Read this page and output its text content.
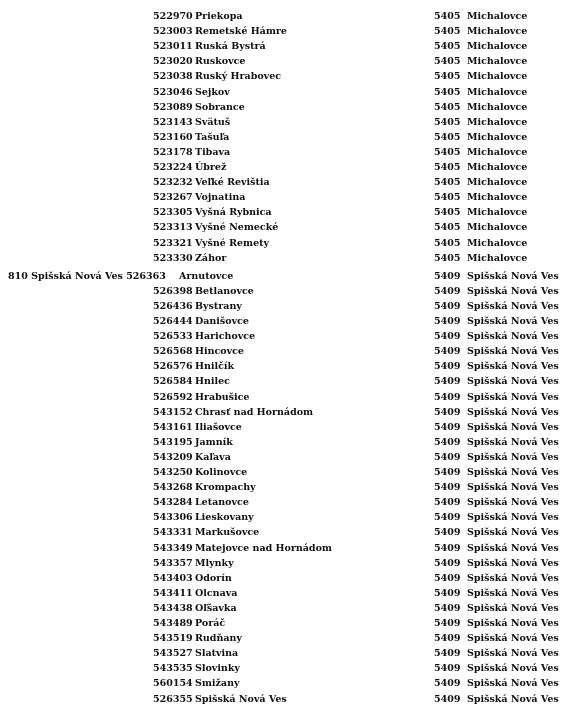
522970 Priekopa	5405 Michalovce
523003 Remetské Hámre	5405 Michalovce
523011 Ruská Bystrá	5405 Michalovce
523020 Ruskovce	5405 Michalovce
523038 Ruský Hrabovec	5405 Michalovce
523046 Sejkov	5405 Michalovce
523089 Sobrance	5405 Michalovce
523143 Svätuš	5405 Michalovce
523160 Tašuľa	5405 Michalovce
523178 Tibava	5405 Michalovce
523224 Úbrež	5405 Michalovce
523232 Veľké Revištia	5405 Michalovce
523267 Vojnatina	5405 Michalovce
523305 Vyšná Rybnica	5405 Michalovce
523313 Vyšné Nemecké	5405 Michalovce
523321 Vyšné Remety	5405 Michalovce
523330 Záhor	5405 Michalovce
810 Spišská Nová Ves 526363 Arnutovce	5409 Spišská Nová Ves
526398 Betlanovce	5409 Spišská Nová Ves
526436 Bystrany	5409 Spišská Nová Ves
526444 Danišovce	5409 Spišská Nová Ves
526533 Harichovce	5409 Spišská Nová Ves
526568 Hincovce	5409 Spišská Nová Ves
526576 Hnilčík	5409 Spišská Nová Ves
526584 Hnilec	5409 Spišská Nová Ves
526592 Hrabušice	5409 Spišská Nová Ves
543152 Chrasť nad Hornádom	5409 Spišská Nová Ves
543161 Iliašovce	5409 Spišská Nová Ves
543195 Jamník	5409 Spišská Nová Ves
543209 Kaľava	5409 Spišská Nová Ves
543250 Kolinovce	5409 Spišská Nová Ves
543268 Krompachy	5409 Spišská Nová Ves
543284 Letanovce	5409 Spišská Nová Ves
543306 Lieskovany	5409 Spišská Nová Ves
543331 Markušovce	5409 Spišská Nová Ves
543349 Matejovce nad Hornádom	5409 Spišská Nová Ves
543357 Mlynky	5409 Spišská Nová Ves
543403 Odorín	5409 Spišská Nová Ves
543411 Olcnava	5409 Spišská Nová Ves
543438 Oľšavka	5409 Spišská Nová Ves
543489 Poráč	5409 Spišská Nová Ves
543519 Rudňany	5409 Spišská Nová Ves
543527 Slatvina	5409 Spišská Nová Ves
543535 Slovinky	5409 Spišská Nová Ves
560154 Smižany	5409 Spišská Nová Ves
526355 Spišská Nová Ves	5409 Spišská Nová Ves
